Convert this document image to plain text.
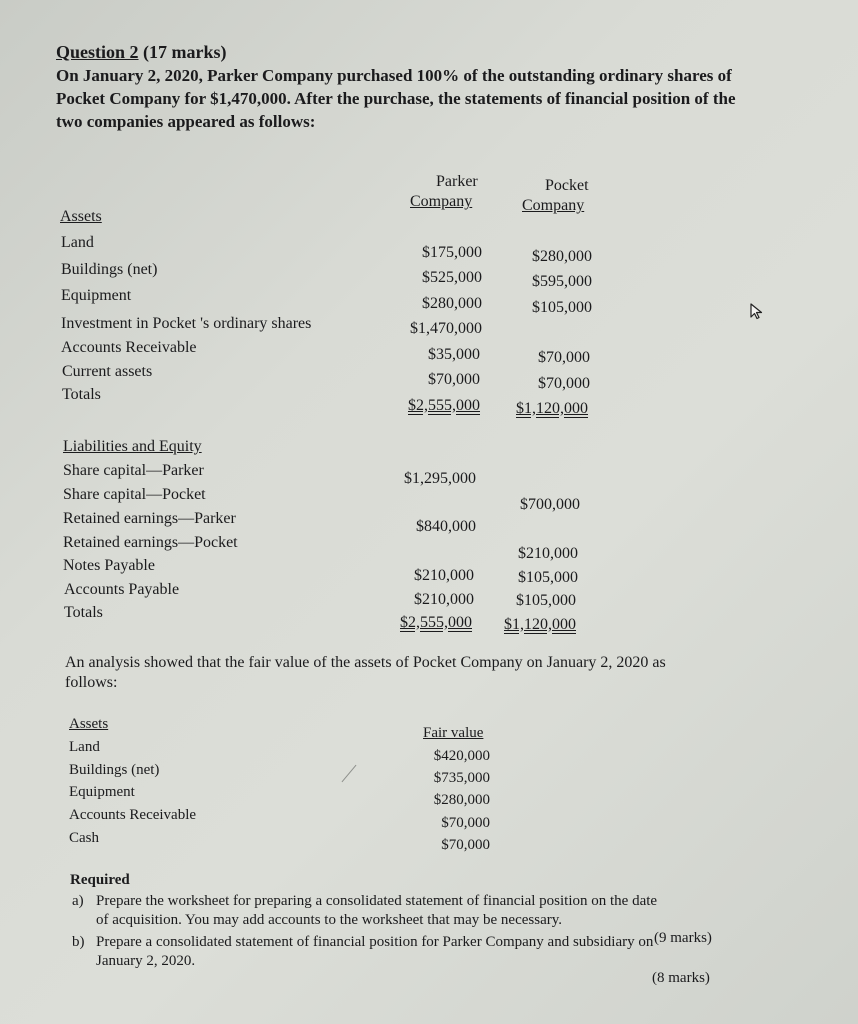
Question 2 (17 marks)
On January 2, 2020, Parker Company purchased 100% of the outstanding ordinary shares of
Pocket Company for $1,470,000. After the purchase, the statements of financial position of the
two companies appeared as follows:
Parker
Company
Pocket
Company
Assets
Land
Buildings (net)
Equipment
Investment in Pocket 's ordinary shares
Accounts Receivable
Current assets
Totals
$175,000
$525,000
$280,000
$1,470,000
$35,000
$70,000
$2,555,000
$280,000
$595,000
$105,000
$70,000
$70,000
$1,120,000
Liabilities and Equity
Share capital—Parker
Share capital—Pocket
Retained earnings—Parker
Retained earnings—Pocket
Notes Payable
Accounts Payable
Totals
$1,295,000
$840,000
$210,000
$210,000
$2,555,000
$700,000
$210,000
$105,000
$105,000
$1,120,000
An analysis showed that the fair value of the assets of Pocket Company on January 2, 2020 as
follows:
Assets
Fair value
Land
Buildings (net)
Equipment
Accounts Receivable
Cash
$420,000
$735,000
$280,000
$70,000
$70,000
Required
a) Prepare the worksheet for preparing a consolidated statement of financial position on the date
of acquisition. You may add accounts to the worksheet that may be necessary.
(9 marks)
b) Prepare a consolidated statement of financial position for Parker Company and subsidiary on
January 2, 2020.
(8 marks)
